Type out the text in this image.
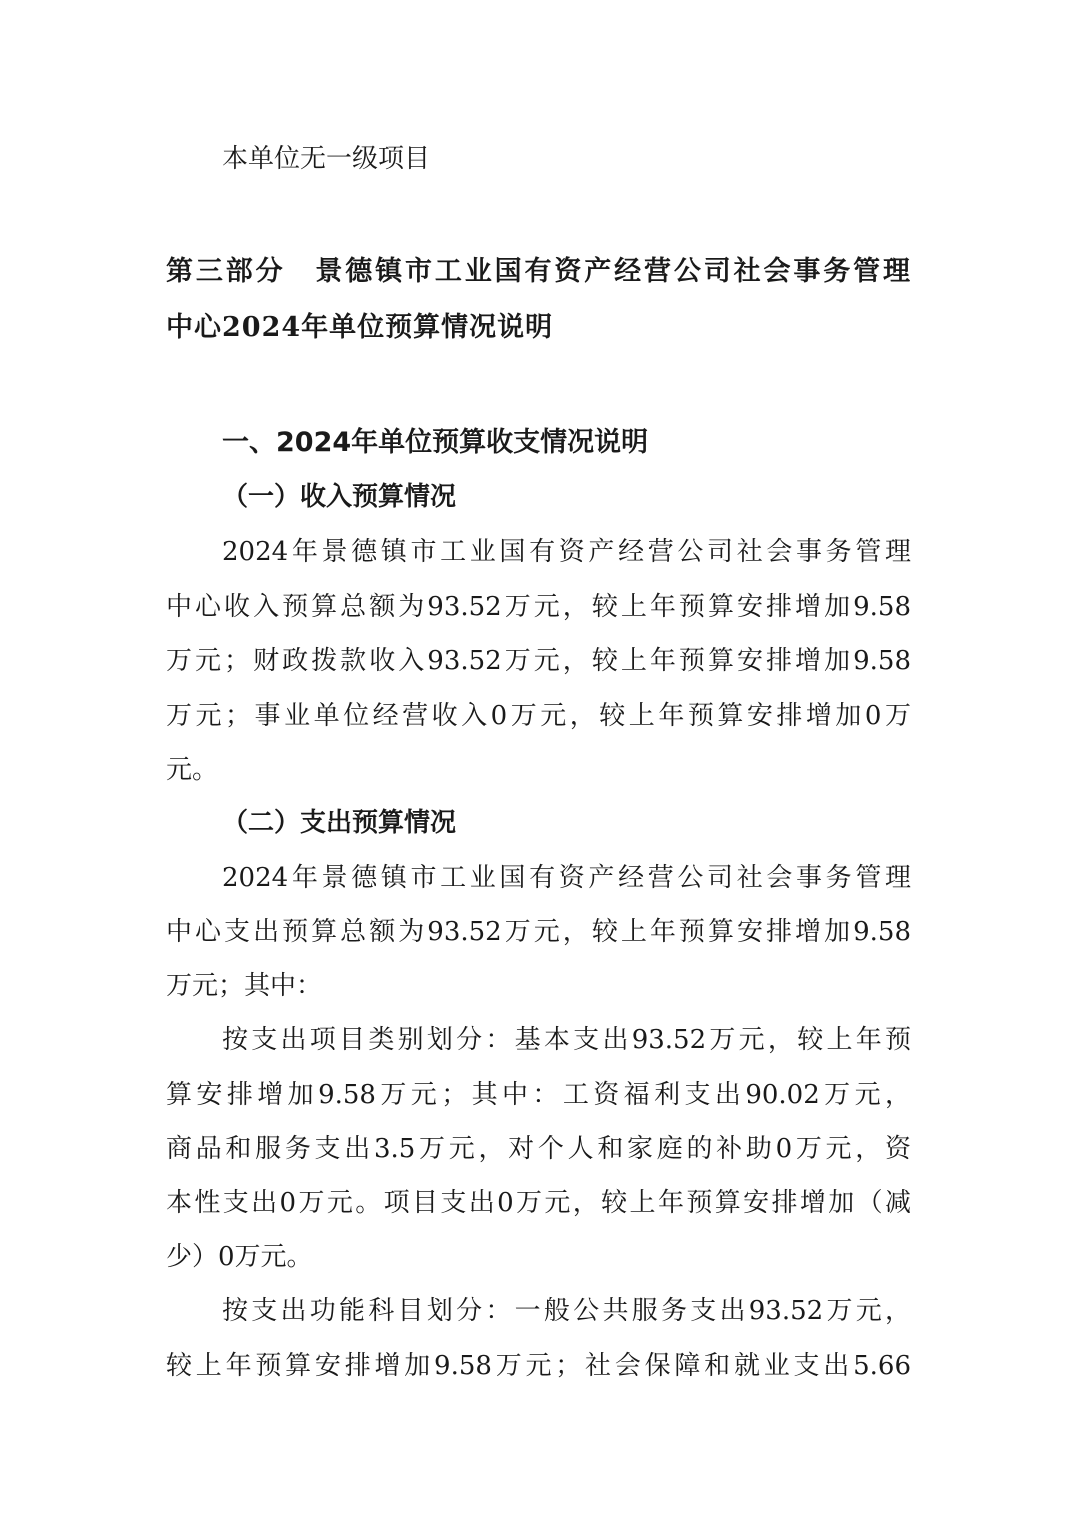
本单位无一级项目
第三部分　景德镇市工业国有资产经营公司社会事务管理
中心2024年单位预算情况说明
一、2024年单位预算收支情况说明
（一）收入预算情况
2024年景德镇市工业国有资产经营公司社会事务管理
中心收入预算总额为93.52万元，较上年预算安排增加9.58
万元；财政拨款收入93.52万元，较上年预算安排增加9.58
万元；事业单位经营收入0万元，较上年预算安排增加0万
元。
（二）支出预算情况
2024年景德镇市工业国有资产经营公司社会事务管理
中心支出预算总额为93.52万元，较上年预算安排增加9.58
万元；其中：
按支出项目类别划分：基本支出93.52万元，较上年预
算安排增加9.58万元；其中：工资福利支出90.02万元，
商品和服务支出3.5万元，对个人和家庭的补助0万元，资
本性支出0万元。项目支出0万元，较上年预算安排增加（减
少）0万元。
按支出功能科目划分：一般公共服务支出93.52万元，
较上年预算安排增加9.58万元；社会保障和就业支出5.66
